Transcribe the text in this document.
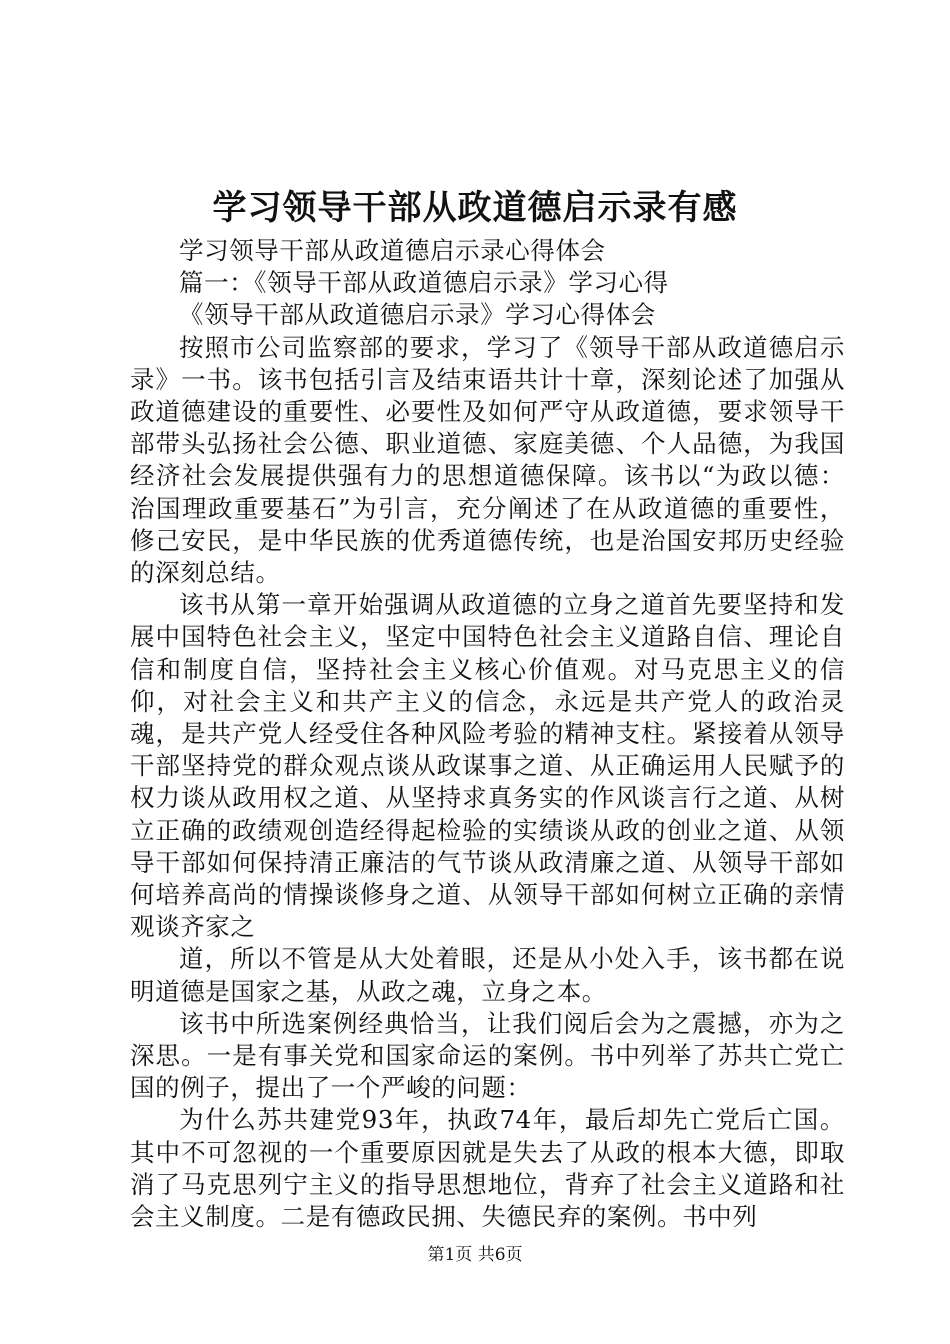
学习领导干部从政道德启示录有感

学习领导干部从政道德启示录心得体会

篇一：《领导干部从政道德启示录》学习心得

《领导干部从政道德启示录》学习心得体会

按照市公司监察部的要求，学习了《领导干部从政道德启示录》一书。该书包括引言及结束语共计十章，深刻论述了加强从政道德建设的重要性、必要性及如何严守从政道德，要求领导干部带头弘扬社会公德、职业道德、家庭美德、个人品德，为我国经济社会发展提供强有力的思想道德保障。该书以“为政以德：治国理政重要基石”为引言，充分阐述了在从政道德的重要性，修己安民，是中华民族的优秀道德传统，也是治国安邦历史经验的深刻总结。

该书从第一章开始强调从政道德的立身之道首先要坚持和发展中国特色社会主义，坚定中国特色社会主义道路自信、理论自信和制度自信，坚持社会主义核心价值观。对马克思主义的信仰，对社会主义和共产主义的信念，永远是共产党人的政治灵魂，是共产党人经受住各种风险考验的精神支柱。紧接着从领导干部坚持党的群众观点谈从政谋事之道、从正确运用人民赋予的权力谈从政用权之道、从坚持求真务实的作风谈言行之道、从树立正确的政绩观创造经得起检验的实绩谈从政的创业之道、从领导干部如何保持清正廉洁的气节谈从政清廉之道、从领导干部如何培养高尚的情操谈修身之道、从领导干部如何树立正确的亲情观谈齐家之

道，所以不管是从大处着眼，还是从小处入手，该书都在说明道德是国家之基，从政之魂，立身之本。

该书中所选案例经典恰当，让我们阅后会为之震撼，亦为之深思。一是有事关党和国家命运的案例。书中列举了苏共亡党亡国的例子，提出了一个严峻的问题：

为什么苏共建党93年，执政74年，最后却先亡党后亡国。其中不可忽视的一个重要原因就是失去了从政的根本大德，即取消了马克思列宁主义的指导思想地位，背弃了社会主义道路和社会主义制度。二是有德政民拥、失德民弃的案例。书中列

第1页 共6页
